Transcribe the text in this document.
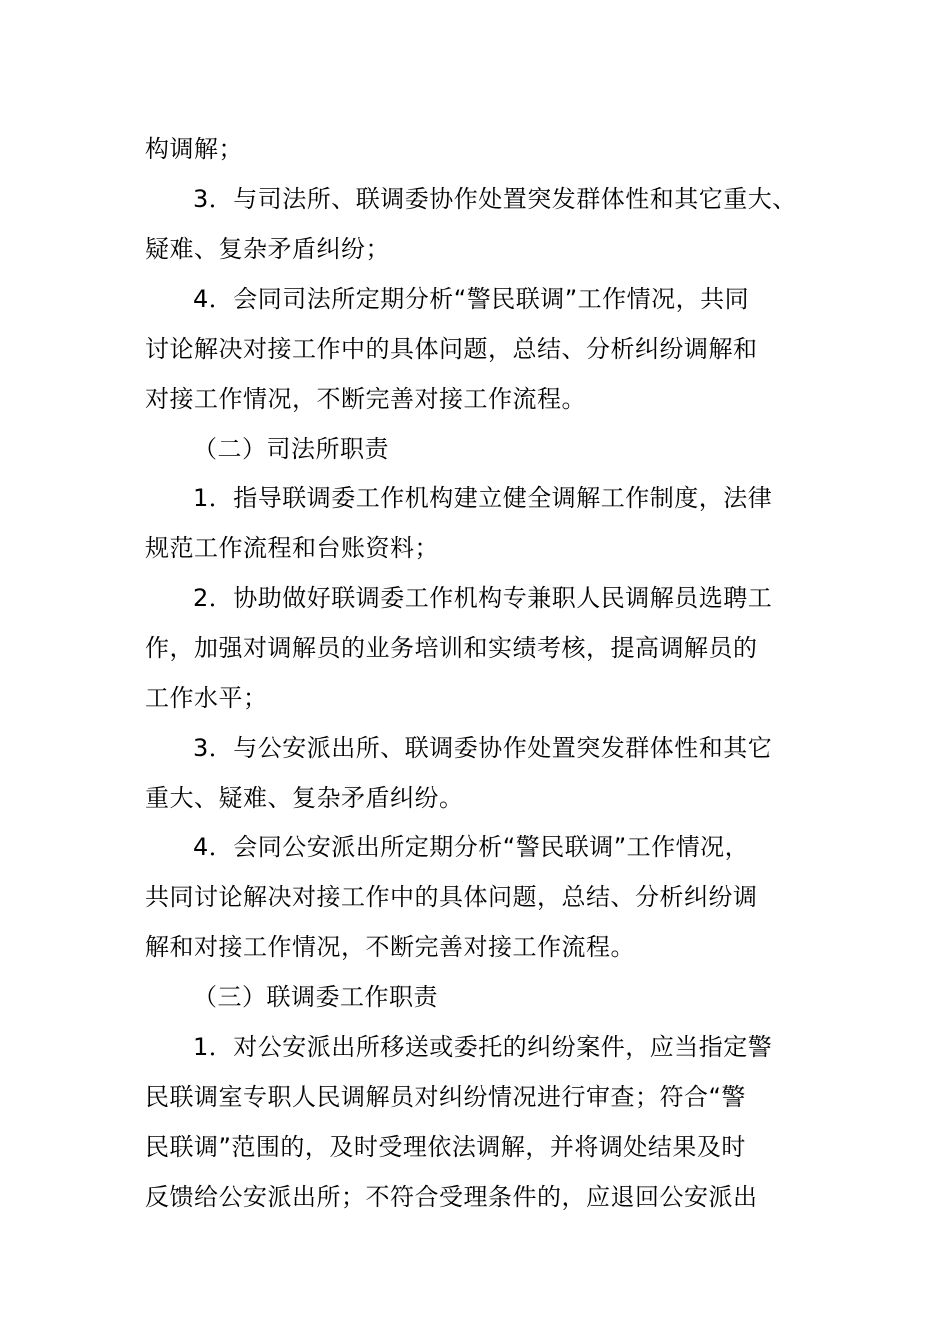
构调解；
3．与司法所、联调委协作处置突发群体性和其它重大、
疑难、复杂矛盾纠纷；
4．会同司法所定期分析“警民联调”工作情况，共同
讨论解决对接工作中的具体问题，总结、分析纠纷调解和
对接工作情况，不断完善对接工作流程。
（二）司法所职责
1．指导联调委工作机构建立健全调解工作制度，法律
规范工作流程和台账资料；
2．协助做好联调委工作机构专兼职人民调解员选聘工
作，加强对调解员的业务培训和实绩考核，提高调解员的
工作水平；
3．与公安派出所、联调委协作处置突发群体性和其它
重大、疑难、复杂矛盾纠纷。
4．会同公安派出所定期分析“警民联调”工作情况，
共同讨论解决对接工作中的具体问题，总结、分析纠纷调
解和对接工作情况，不断完善对接工作流程。
（三）联调委工作职责
1．对公安派出所移送或委托的纠纷案件，应当指定警
民联调室专职人民调解员对纠纷情况进行审查；符合“警
民联调”范围的，及时受理依法调解，并将调处结果及时
反馈给公安派出所；不符合受理条件的，应退回公安派出
